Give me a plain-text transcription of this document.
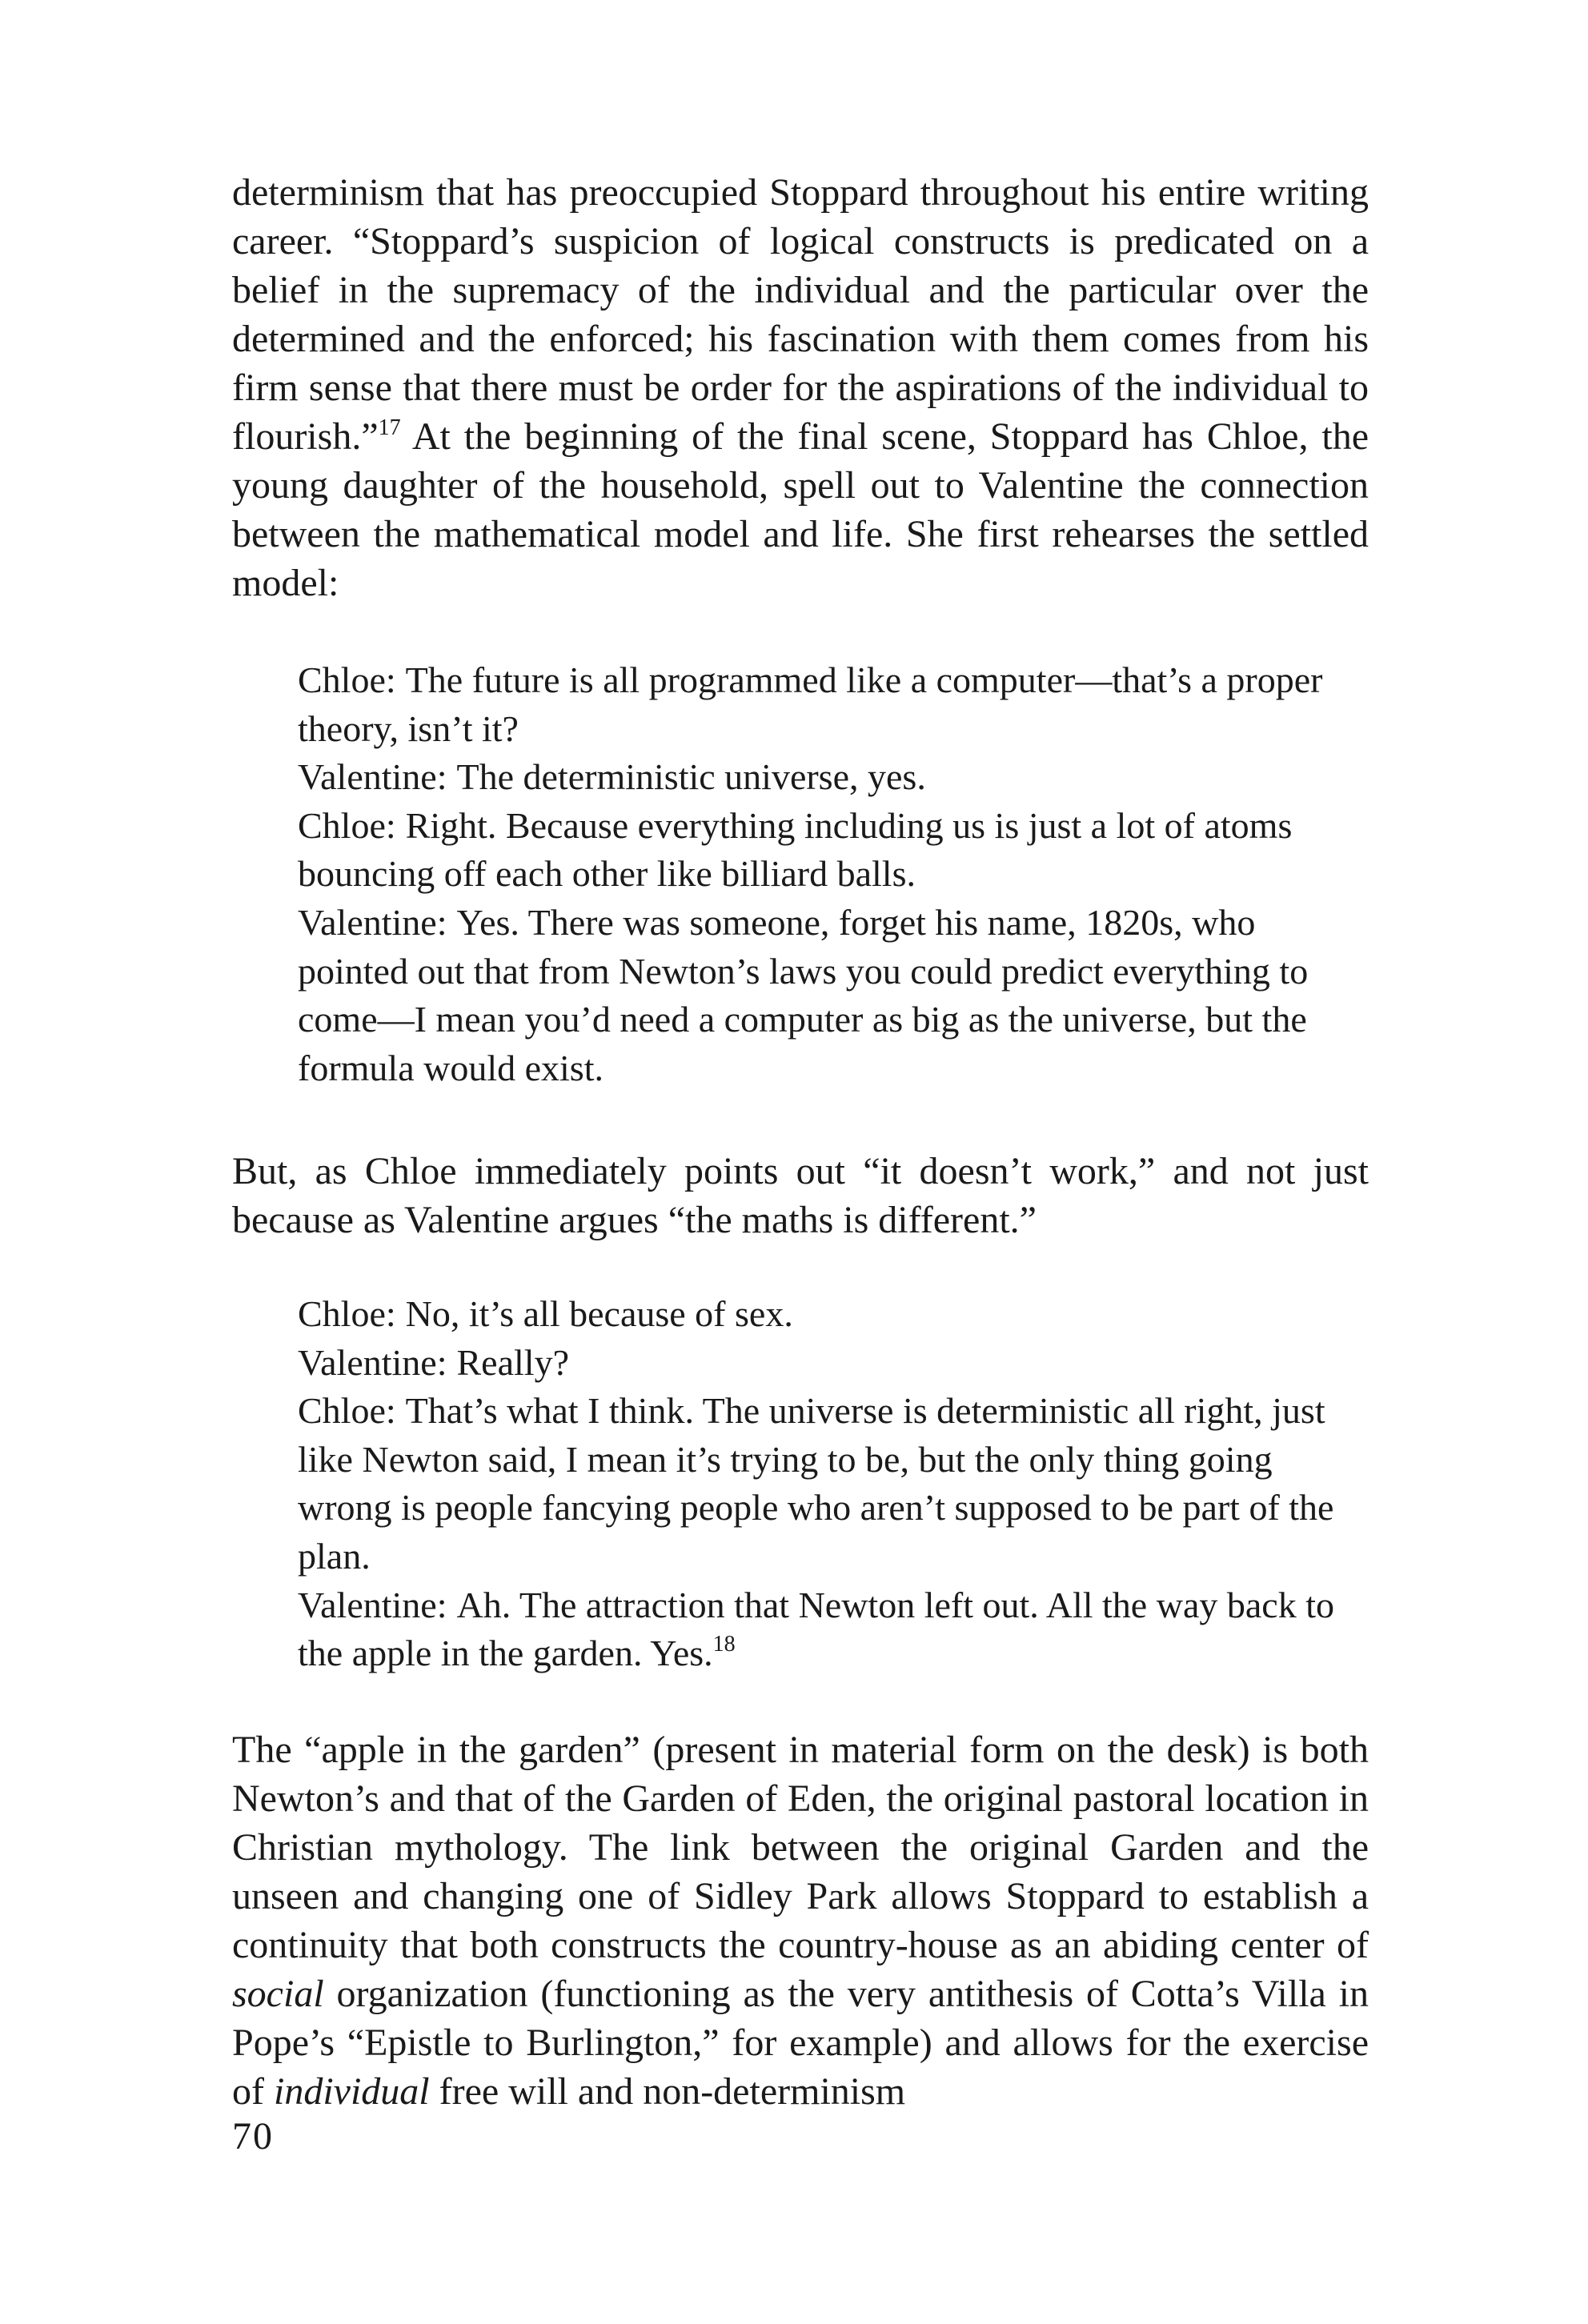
determinism that has preoccupied Stoppard throughout his entire writing career. “Stoppard’s suspicion of logical constructs is predicated on a belief in the supremacy of the individual and the particular over the determined and the enforced; his fascination with them comes from his firm sense that there must be order for the aspirations of the individual to flourish.”$^{17}$ At the beginning of the final scene, Stoppard has Chloe, the young daughter of the household, spell out to Valentine the connection between the mathematical model and life. She first rehearses the settled model:

Chloe: The future is all programmed like a computer—that’s a proper theory, isn’t it?

Valentine: The deterministic universe, yes.

Chloe: Right. Because everything including us is just a lot of atoms bouncing off each other like billiard balls.

Valentine: Yes. There was someone, forget his name, 1820s, who pointed out that from Newton’s laws you could predict everything to come—I mean you’d need a computer as big as the universe, but the formula would exist.

But, as Chloe immediately points out “it doesn’t work,” and not just because as Valentine argues “the maths is different.”

Chloe: No, it’s all because of sex.

Valentine: Really?

Chloe: That’s what I think. The universe is deterministic all right, just like Newton said, I mean it’s trying to be, but the only thing going wrong is people fancying people who aren’t supposed to be part of the plan.

Valentine: Ah. The attraction that Newton left out. All the way back to the apple in the garden. Yes.$^{18}$

The “apple in the garden” (present in material form on the desk) is both Newton’s and that of the Garden of Eden, the original pastoral location in Christian mythology. The link between the original Garden and the unseen and changing one of Sidley Park allows Stoppard to establish a continuity that both constructs the country-house as an abiding center of social organization (functioning as the very antithesis of Cotta’s Villa in Pope’s “Epistle to Burlington,” for example) and allows for the exercise of individual free will and non-determinism

70
